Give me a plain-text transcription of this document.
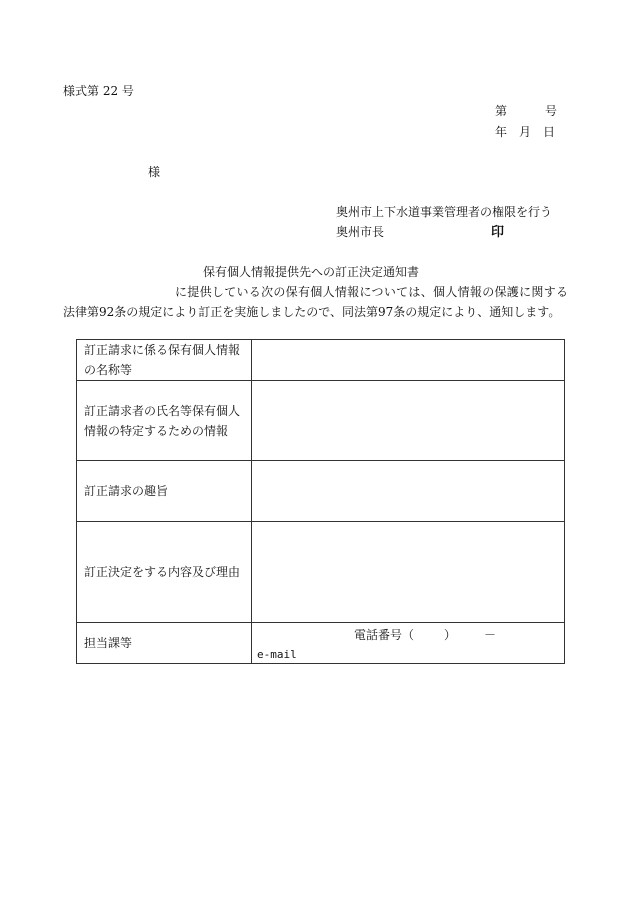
様式第 22 号
第	号
年 月 日
様
奥州市上下水道事業管理者の権限を行う
奥州市長	印
保有個人情報提供先への訂正決定通知書
に提供している次の保有個人情報については、個人情報の保護に関する法律第92条の規定により訂正を実施しましたので、同法第97条の規定により、通知します。
訂正請求に係る保有個人情報の名称等	
訂正請求者の氏名等保有個人情報の特定するための情報	
訂正請求の趣旨	
訂正決定をする内容及び理由	
担当課等	電話番号（ ） －
e-mail
